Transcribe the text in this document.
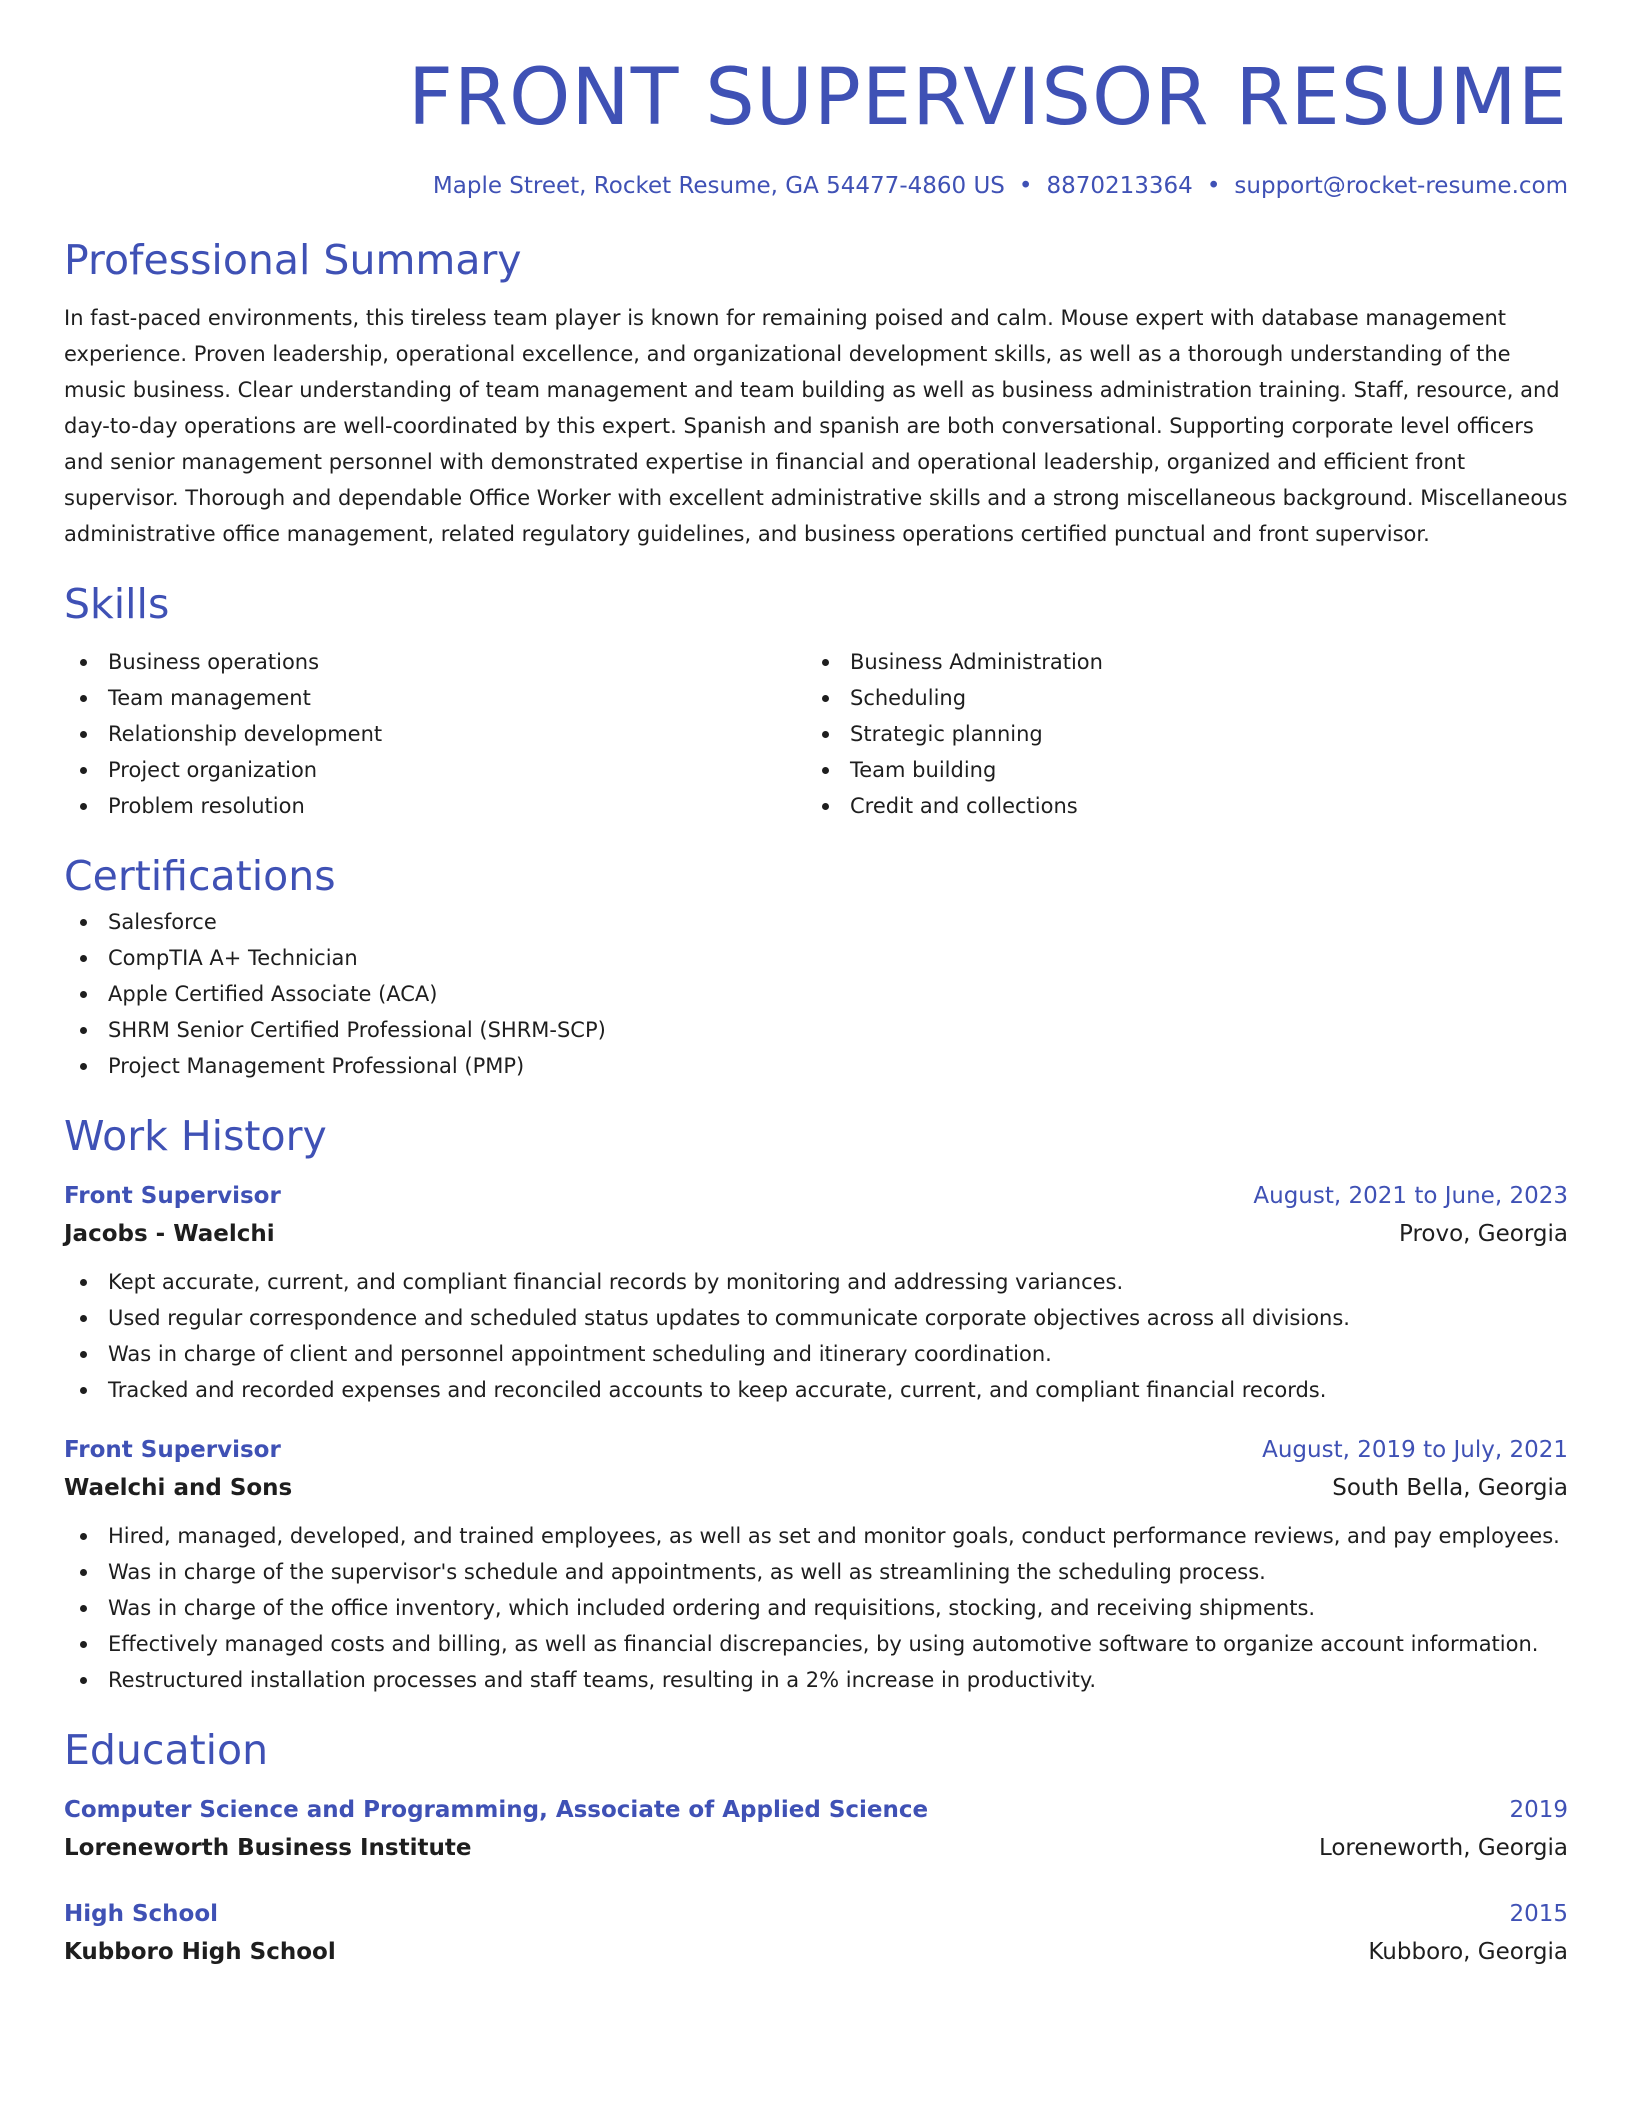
FRONT SUPERVISOR RESUME
Maple Street, Rocket Resume, GA 54477-4860 US • 8870213364 • support@rocket-resume.com
Professional Summary

In fast-paced environments, this tireless team player is known for remaining poised and calm. Mouse expert with database management experience. Proven leadership, operational excellence, and organizational development skills, as well as a thorough understanding of the music business. Clear understanding of team management and team building as well as business administration training. Staff, resource, and day-to-day operations are well-coordinated by this expert. Spanish and spanish are both conversational. Supporting corporate level officers and senior management personnel with demonstrated expertise in financial and operational leadership, organized and efficient front supervisor. Thorough and dependable Office Worker with excellent administrative skills and a strong miscellaneous background. Miscellaneous administrative office management, related regulatory guidelines, and business operations certified punctual and front supervisor.

Skills
Business operations
Team management
Relationship development
Project organization
Problem resolution
Business Administration
Scheduling
Strategic planning
Team building
Credit and collections
Certifications
Salesforce
CompTIA A+ Technician
Apple Certified Associate (ACA)
SHRM Senior Certified Professional (SHRM-SCP)
Project Management Professional (PMP)
Work History
Front Supervisor	August, 2021 to June, 2023
Jacobs - Waelchi	Provo, Georgia
Kept accurate, current, and compliant financial records by monitoring and addressing variances.
Used regular correspondence and scheduled status updates to communicate corporate objectives across all divisions.
Was in charge of client and personnel appointment scheduling and itinerary coordination.
Tracked and recorded expenses and reconciled accounts to keep accurate, current, and compliant financial records.
Front Supervisor	August, 2019 to July, 2021
Waelchi and Sons	South Bella, Georgia
Hired, managed, developed, and trained employees, as well as set and monitor goals, conduct performance reviews, and pay employees.
Was in charge of the supervisor's schedule and appointments, as well as streamlining the scheduling process.
Was in charge of the office inventory, which included ordering and requisitions, stocking, and receiving shipments.
Effectively managed costs and billing, as well as financial discrepancies, by using automotive software to organize account information.
Restructured installation processes and staff teams, resulting in a 2% increase in productivity.
Education
Computer Science and Programming, Associate of Applied Science	2019
Loreneworth Business Institute	Loreneworth, Georgia
High School	2015
Kubboro High School	Kubboro, Georgia
